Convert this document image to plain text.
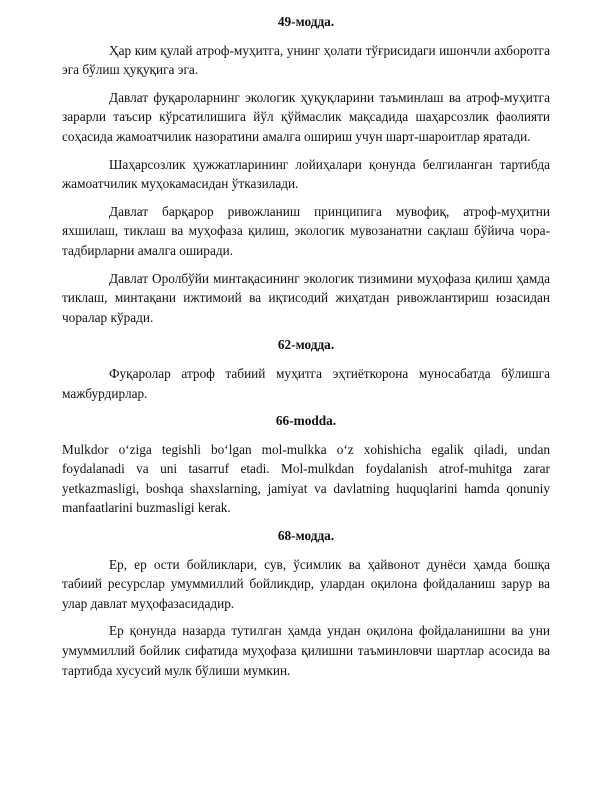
49-модда.

Ҳар ким қулай атроф-муҳитга, унинг ҳолати тўғрисидаги ишончли ахборотга эга бўлиш ҳуқуқига эга.

Давлат фуқароларнинг экологик ҳуқуқларини таъминлаш ва атроф-муҳитга зарарли таъсир кўрсатилишига йўл қўймаслик мақсадида шаҳарсозлик фаолияти соҳасида жамоатчилик назоратини амалга ошириш учун шарт-шароитлар яратади.

Шаҳарсозлик ҳужжатларининг лойиҳалари қонунда белгиланган тартибда жамоатчилик муҳокамасидан ўтказилади.

Давлат барқарор ривожланиш принципига мувофиқ, атроф-муҳитни яхшилаш, тиклаш ва муҳофаза қилиш, экологик мувозанатни сақлаш бўйича чора-тадбирларни амалга оширади.

Давлат Оролбўйи минтақасининг экологик тизимини муҳофаза қилиш ҳамда тиклаш, минтақани ижтимоий ва иқтисодий жиҳатдан ривожлантириш юзасидан чоралар кўради.

62-модда.

Фуқаролар атроф табиий муҳитга эҳтиёткорона муносабатда бўлишга мажбурдирлар.

66-modda.

Mulkdor oʻziga tegishli boʻlgan mol-mulkka oʻz xohishicha egalik qiladi, undan foydalanadi va uni tasarruf etadi. Mol-mulkdan foydalanish atrof-muhitga zarar yetkazmasligi, boshqa shaxslarning, jamiyat va davlatning huquqlarini hamda qonuniy manfaatlarini buzmasligi kerak.

68-модда.

Ер, ер ости бойликлари, сув, ўсимлик ва ҳайвонот дунёси ҳамда бошқа табиий ресурслар умуммиллий бойликдир, улардан оқилона фойдаланиш зарур ва улар давлат муҳофазасидадир.

Ер қонунда назарда тутилган ҳамда ундан оқилона фойдаланишни ва уни умуммиллий бойлик сифатида муҳофаза қилишни таъминловчи шартлар асосида ва тартибда хусусий мулк бўлиши мумкин.
